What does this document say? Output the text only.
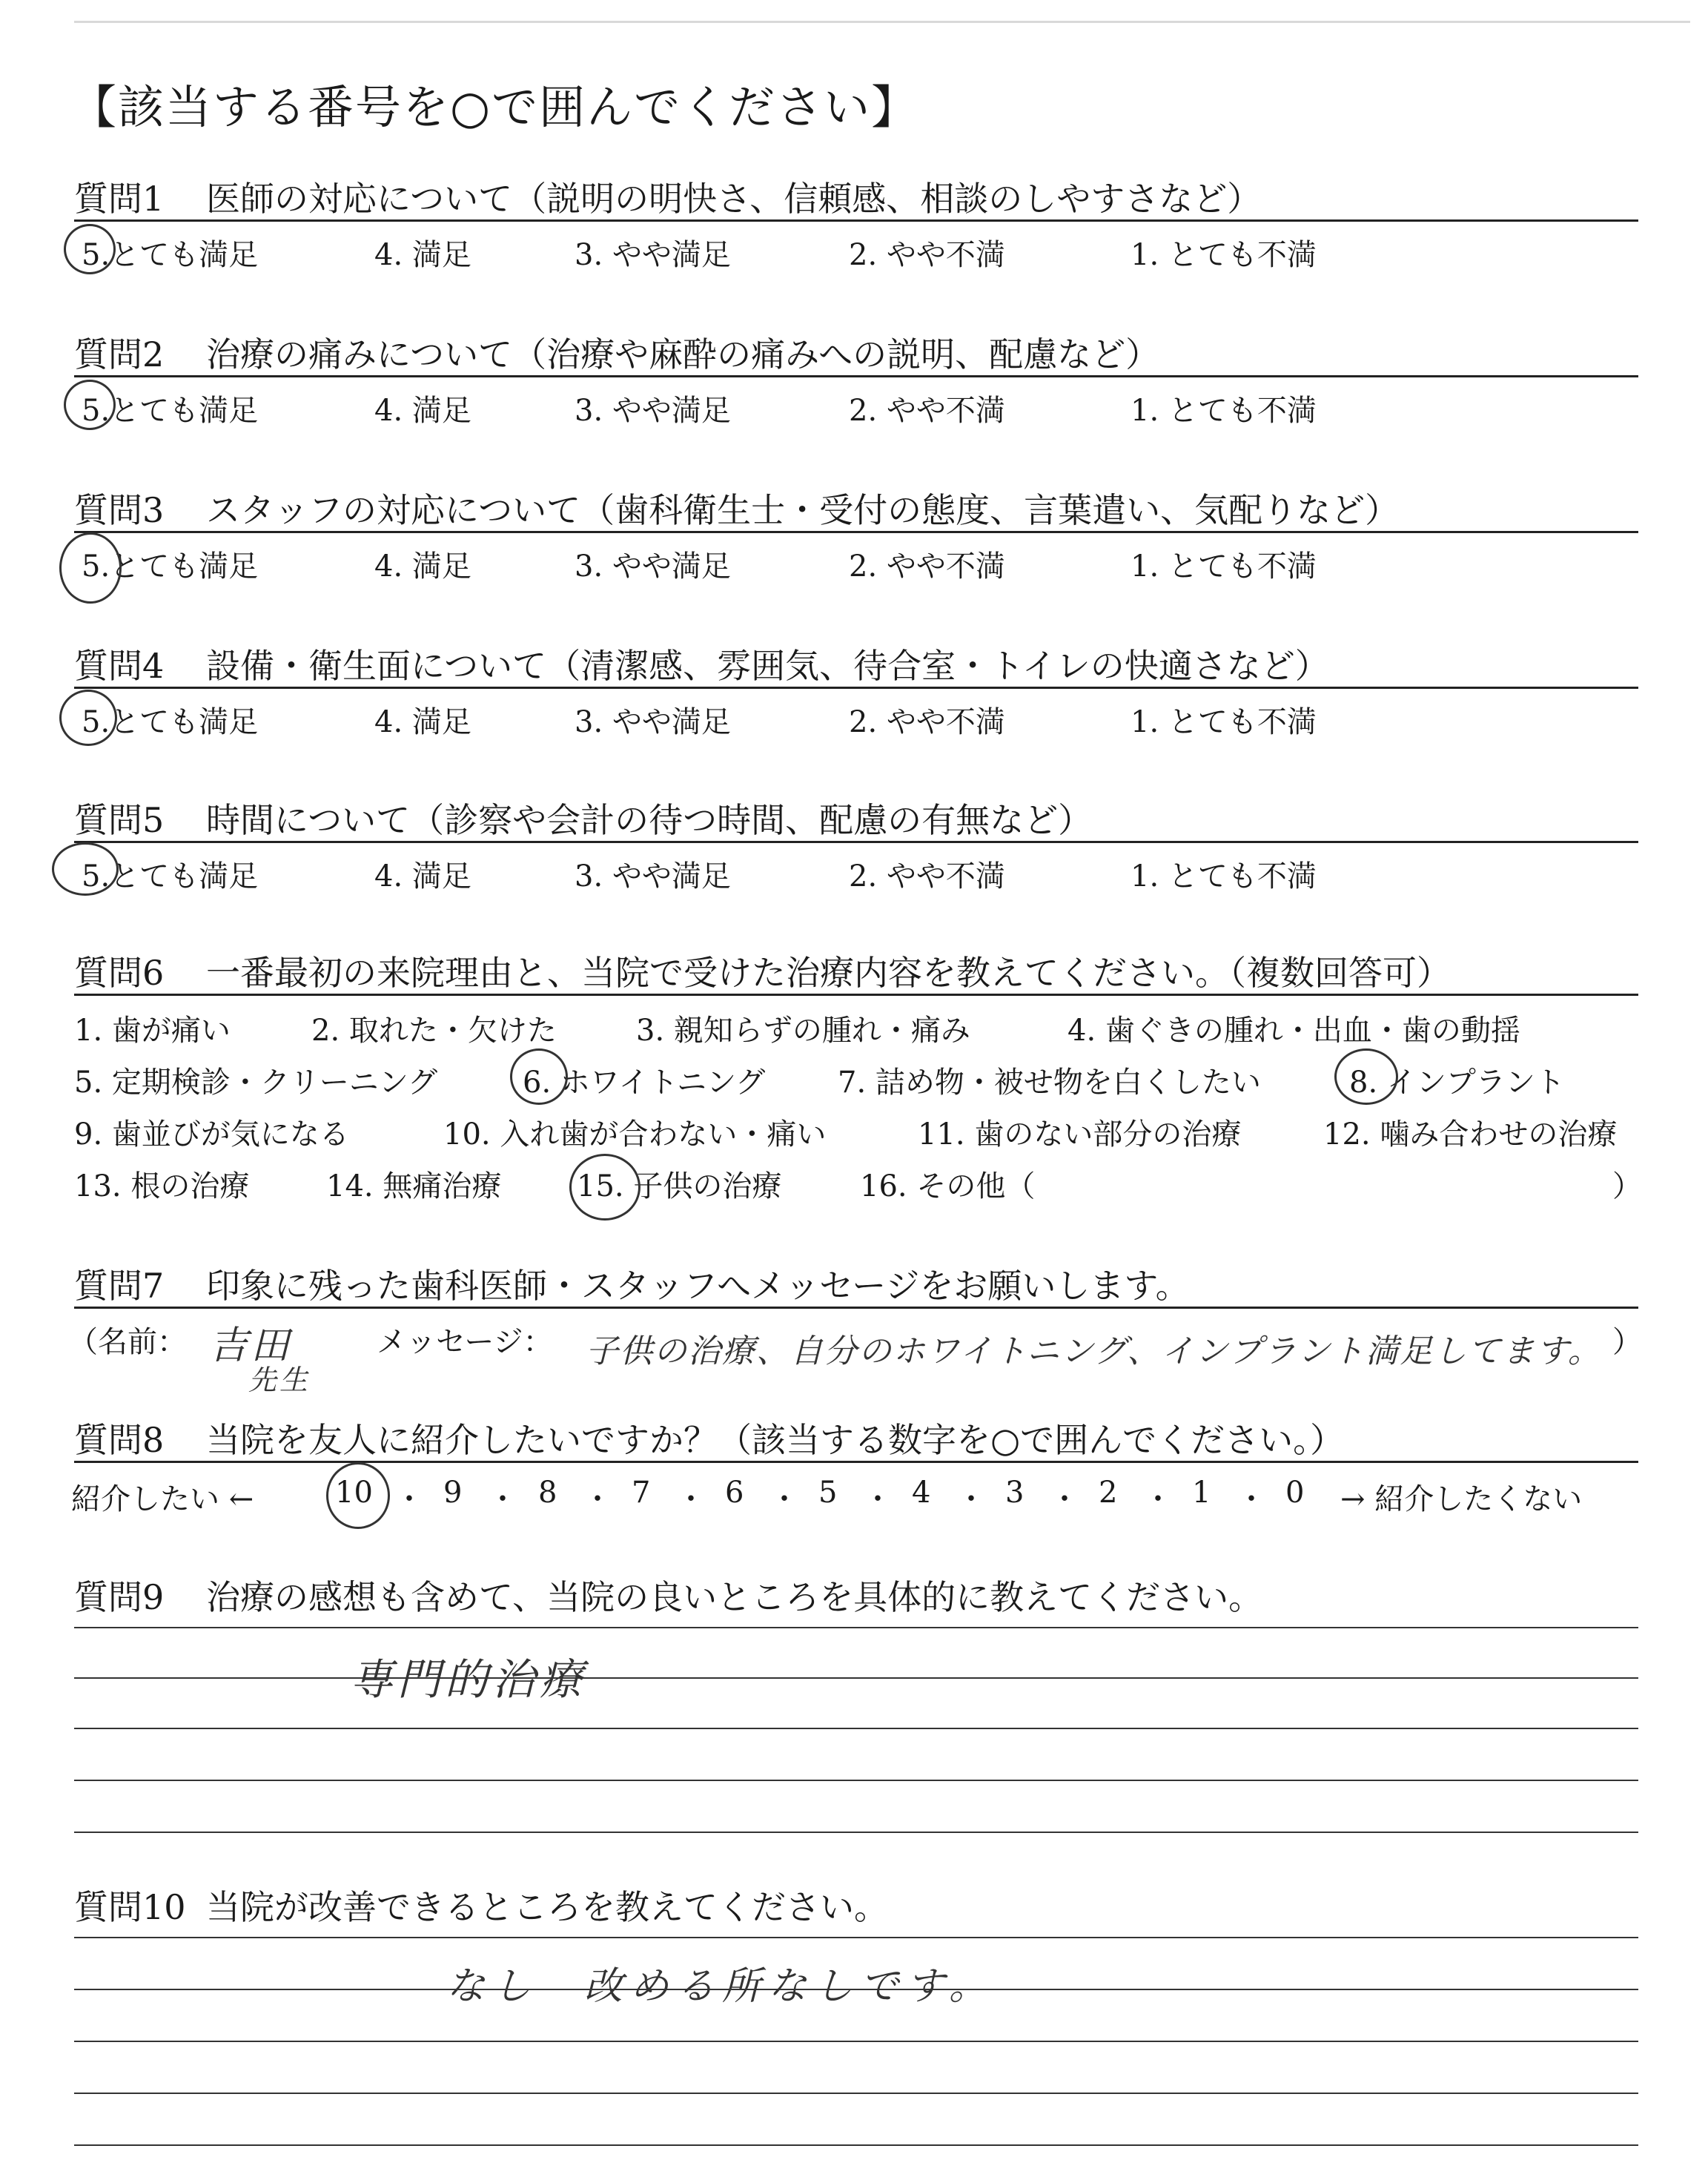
【該当する番号を○で囲んでください】
質問1 医師の対応について（説明の明快さ、信頼感、相談のしやすさなど）
5.とても満足	4. 満足	3. やや満足	2. やや不満	1. とても不満
質問2 治療の痛みについて（治療や麻酔の痛みへの説明、配慮など）
5.とても満足	4. 満足	3. やや満足	2. やや不満	1. とても不満
質問3 スタッフの対応について（歯科衛生士・受付の態度、言葉遣い、気配りなど）
5.とても満足	4. 満足	3. やや満足	2. やや不満	1. とても不満
質問4 設備・衛生面について（清潔感、雰囲気、待合室・トイレの快適さなど）
5.とても満足	4. 満足	3. やや満足	2. やや不満	1. とても不満
質問5 時間について（診察や会計の待つ時間、配慮の有無など）
5.とても満足	4. 満足	3. やや満足	2. やや不満	1. とても不満
質問6 一番最初の来院理由と、当院で受けた治療内容を教えてください。（複数回答可）
1. 歯が痛い	2. 取れた・欠けた	3. 親知らずの腫れ・痛み	4. 歯ぐきの腫れ・出血・歯の動揺
5. 定期検診・クリーニング	6. ホワイトニング 7. 詰め物・被せ物を白くしたい	8. インプラント
9. 歯並びが気になる	10. 入れ歯が合わない・痛い	11. 歯のない部分の治療	12. 噛み合わせの治療
13. 根の治療	14. 無痛治療	15. 子供の治療	16. その他（	）
質問7 印象に残った歯科医師・スタッフへメッセージをお願いします。
（名前： 吉田
先生
メッセージ： 子供の治療、自分のホワイトニング、インプラント満足してます。 ）
質問8 当院を友人に紹介したいですか？（該当する数字を○で囲んでください。）
紹介したい ←	10 ・ 9 ・ 8 ・ 7 ・ 6 ・ 5 ・ 4 ・ 3 ・ 2 ・ 1 ・ 0 → 紹介したくない
質問9 治療の感想も含めて、当院の良いところを具体的に教えてください。
専門的治療
質問10 当院が改善できるところを教えてください。
なし　改める所なしです。
